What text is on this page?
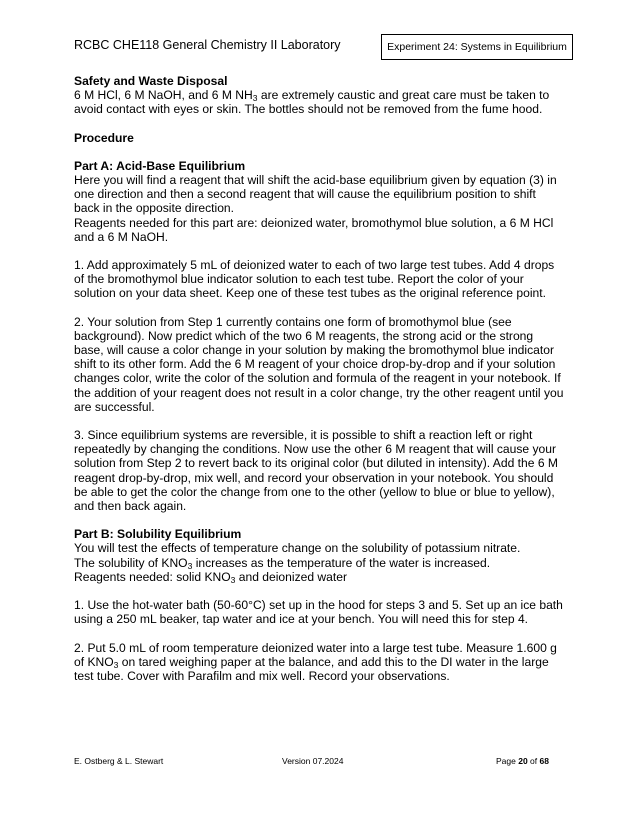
RCBC CHE118 General Chemistry II Laboratory	Experiment 24: Systems in Equilibrium

Safety and Waste Disposal

6 M HCl, 6 M NaOH, and 6 M $NH_3$ are extremely caustic and great care must be taken to avoid contact with eyes or skin. The bottles should not be removed from the fume hood.

Procedure

Part A: Acid-Base Equilibrium

Here you will find a reagent that will shift the acid-base equilibrium given by equation (3) in one direction and then a second reagent that will cause the equilibrium position to shift back in the opposite direction.

Reagents needed for this part are: deionized water, bromothymol blue solution, a 6 M HCl and a 6 M NaOH.

1. Add approximately 5 mL of deionized water to each of two large test tubes. Add 4 drops of the bromothymol blue indicator solution to each test tube. Report the color of your solution on your data sheet. Keep one of these test tubes as the original reference point.

2. Your solution from Step 1 currently contains one form of bromothymol blue (see background). Now predict which of the two 6 M reagents, the strong acid or the strong base, will cause a color change in your solution by making the bromothymol blue indicator shift to its other form. Add the 6 M reagent of your choice drop-by-drop and if your solution changes color, write the color of the solution and formula of the reagent in your notebook. If the addition of your reagent does not result in a color change, try the other reagent until you are successful.

3. Since equilibrium systems are reversible, it is possible to shift a reaction left or right repeatedly by changing the conditions. Now use the other 6 M reagent that will cause your solution from Step 2 to revert back to its original color (but diluted in intensity). Add the 6 M reagent drop-by-drop, mix well, and record your observation in your notebook. You should be able to get the color the change from one to the other (yellow to blue or blue to yellow), and then back again.

Part B: Solubility Equilibrium

You will test the effects of temperature change on the solubility of potassium nitrate.

The solubility of $KNO_3$ increases as the temperature of the water is increased.

Reagents needed: solid $KNO_3$ and deionized water

1. Use the hot-water bath (50-60°C) set up in the hood for steps 3 and 5. Set up an ice bath using a 250 mL beaker, tap water and ice at your bench. You will need this for step 4.

2. Put 5.0 mL of room temperature deionized water into a large test tube. Measure 1.600 g of $KNO_3$ on tared weighing paper at the balance, and add this to the DI water in the large test tube. Cover with Parafilm and mix well. Record your observations.

E. Ostberg & L. Stewart	Version 07.2024	Page 20 of 68
